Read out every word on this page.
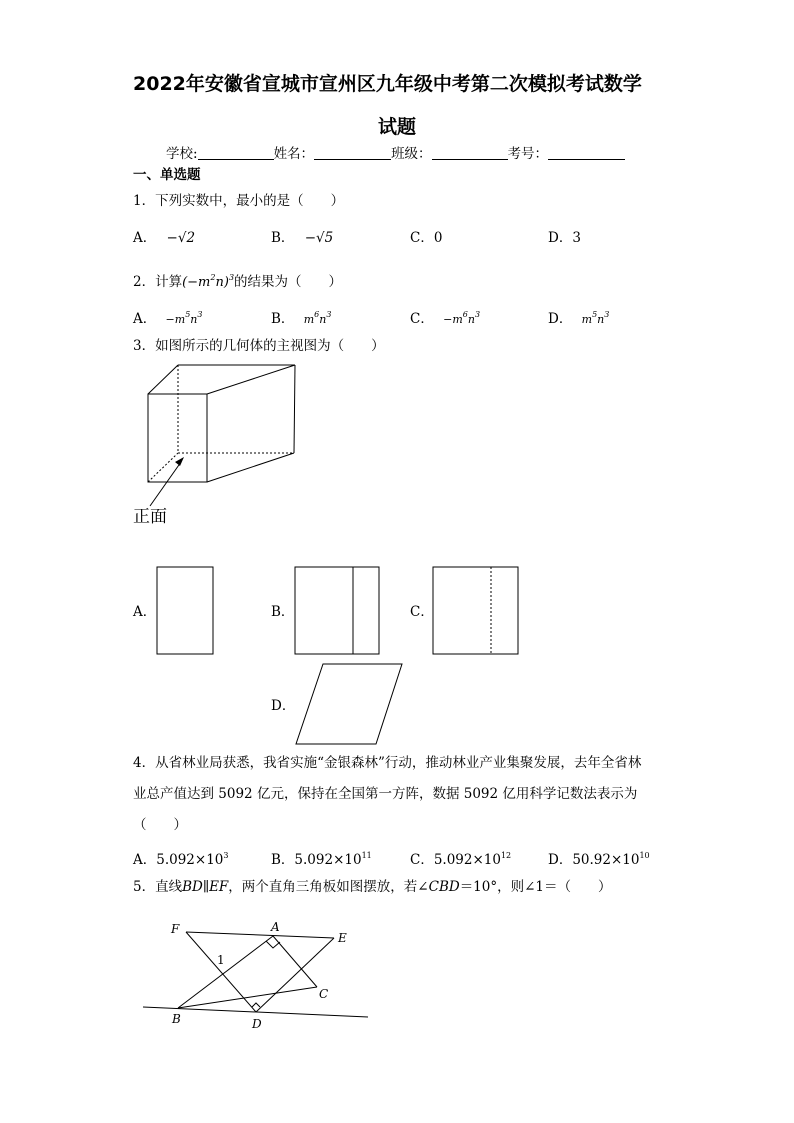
2022年安徽省宣城市宣州区九年级中考第二次模拟考试数学
试题
学校:	姓名：	班级：	考号：
一、单选题
1．下列实数中，最小的是（　　）
A． −√2	B． −√5	C．0	D．3
2．计算$(-m^2n)^3$的结果为（　　）
A． $-m^5n^3$	B． $m^6n^3$	C． $-m^6n^3$	D． $m^5n^3$
3．如图所示的几何体的主视图为（　　）
正面
A．	B．	C．
D．
4．从省林业局获悉，我省实施“金银森林”行动，推动林业产业集聚发展，去年全省林
业总产值达到 5092 亿元，保持在全国第一方阵，数据 5092 亿用科学记数法表示为
（　　）
A．$5.092\times 10^3$	B．$5.092\times 10^{11}$	C．$5.092\times 10^{12}$	D．$50.92\times 10^{10}$
5．直线BD∥EF，两个直角三角板如图摆放，若∠CBD＝10°，则∠1＝（　　）
F	A
E
C
B	D
1
